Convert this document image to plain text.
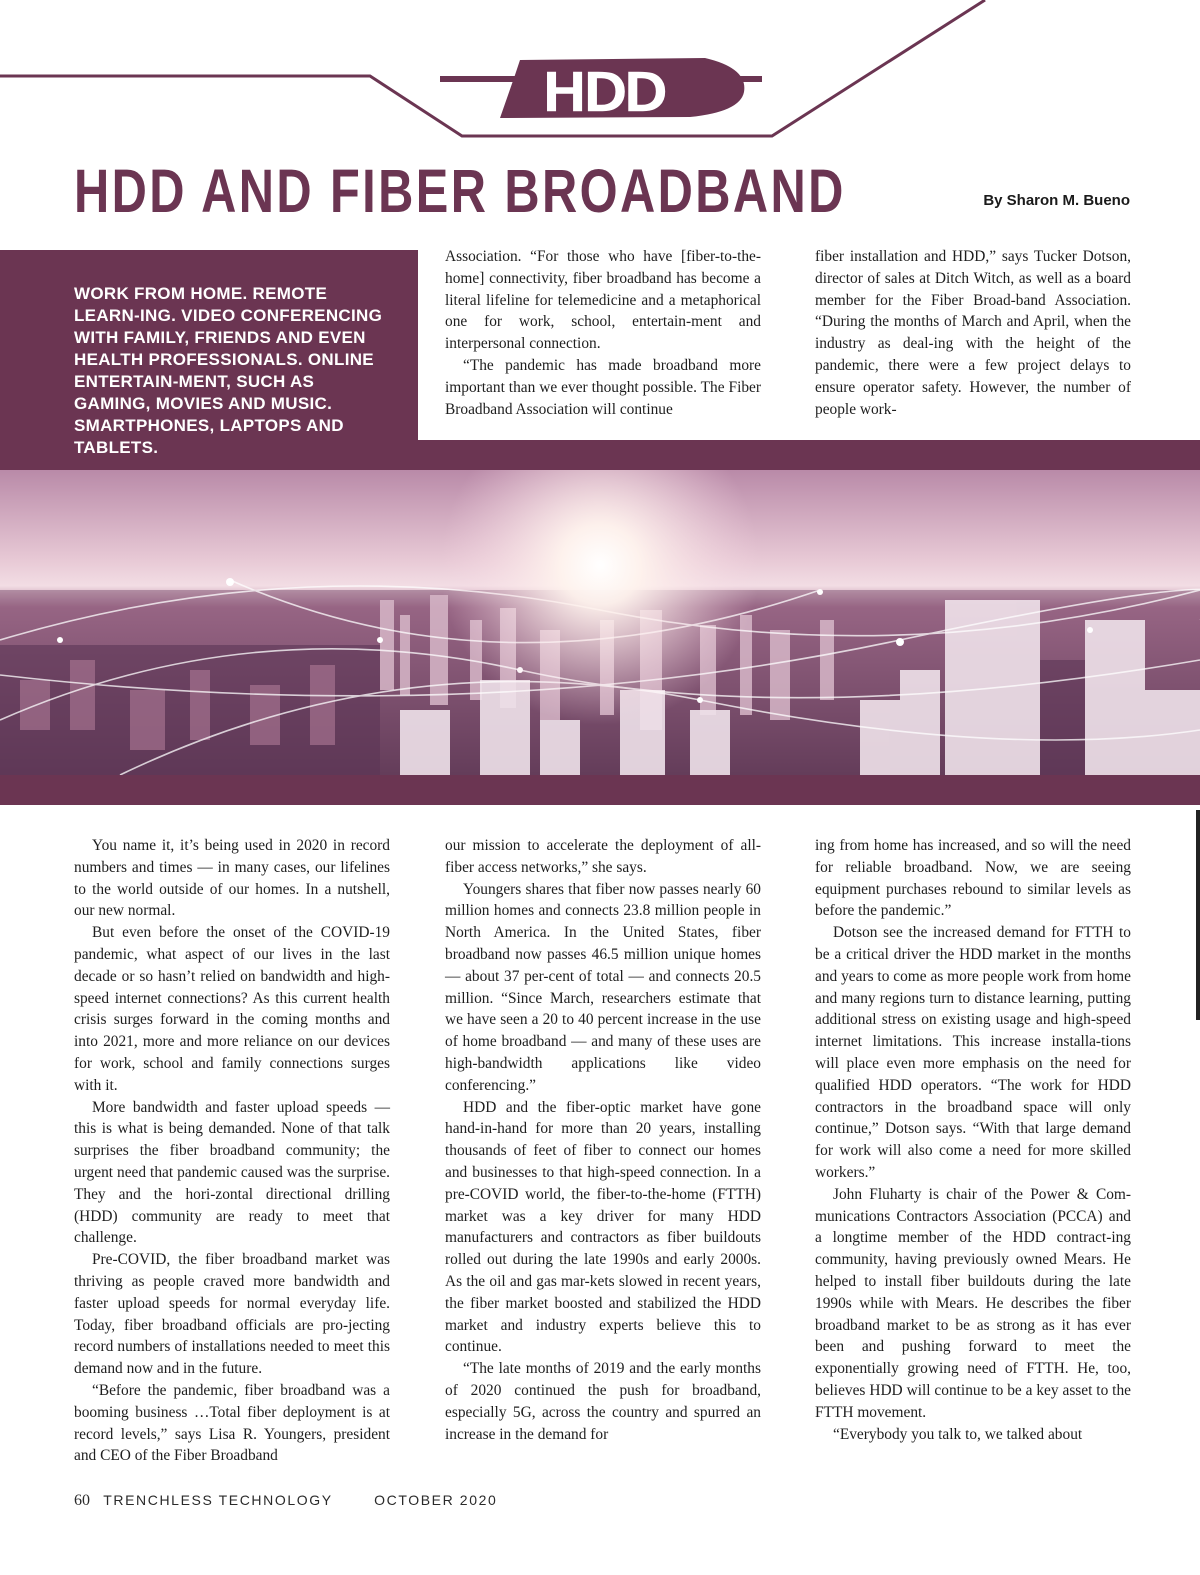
HDD
HDD AND FIBER BROADBAND	By Sharon M. Bueno

WORK FROM HOME. REMOTE LEARN-ING. VIDEO CONFERENCING WITH FAMILY, FRIENDS AND EVEN HEALTH PROFESSIONALS. ONLINE ENTERTAIN-MENT, SUCH AS GAMING, MOVIES AND MUSIC. SMARTPHONES, LAPTOPS AND TABLETS.

Association. “For those who have [fiber-to-the-home] connectivity, fiber broadband has become a literal lifeline for telemedicine and a metaphorical one for work, school, entertain-ment and interpersonal connection.

“The pandemic has made broadband more important than we ever thought possible. The Fiber Broadband Association will continue

fiber installation and HDD,” says Tucker Dotson, director of sales at Ditch Witch, as well as a board member for the Fiber Broad-band Association. “During the months of March and April, when the industry as deal-ing with the height of the pandemic, there were a few project delays to ensure operator safety. However, the number of people work-

You name it, it’s being used in 2020 in record numbers and times — in many cases, our lifelines to the world outside of our homes. In a nutshell, our new normal.

But even before the onset of the COVID-19 pandemic, what aspect of our lives in the last decade or so hasn’t relied on bandwidth and high-speed internet connections? As this current health crisis surges forward in the coming months and into 2021, more and more reliance on our devices for work, school and family connections surges with it.

More bandwidth and faster upload speeds — this is what is being demanded. None of that talk surprises the fiber broadband community; the urgent need that pandemic caused was the surprise. They and the hori-zontal directional drilling (HDD) community are ready to meet that challenge.

Pre-COVID, the fiber broadband market was thriving as people craved more bandwidth and faster upload speeds for normal everyday life. Today, fiber broadband officials are pro-jecting record numbers of installations needed to meet this demand now and in the future.

“Before the pandemic, fiber broadband was a booming business …Total fiber deployment is at record levels,” says Lisa R. Youngers, president and CEO of the Fiber Broadband

our mission to accelerate the deployment of all-fiber access networks,” she says.

Youngers shares that fiber now passes nearly 60 million homes and connects 23.8 million people in North America. In the United States, fiber broadband now passes 46.5 million unique homes — about 37 per-cent of total — and connects 20.5 million. “Since March, researchers estimate that we have seen a 20 to 40 percent increase in the use of home broadband — and many of these uses are high-bandwidth applications like video conferencing.”

HDD and the fiber-optic market have gone hand-in-hand for more than 20 years, installing thousands of feet of fiber to connect our homes and businesses to that high-speed connection. In a pre-COVID world, the fiber-to-the-home (FTTH) market was a key driver for many HDD manufacturers and contractors as fiber buildouts rolled out during the late 1990s and early 2000s. As the oil and gas mar-kets slowed in recent years, the fiber market boosted and stabilized the HDD market and industry experts believe this to continue.

“The late months of 2019 and the early months of 2020 continued the push for broadband, especially 5G, across the country and spurred an increase in the demand for

ing from home has increased, and so will the need for reliable broadband. Now, we are seeing equipment purchases rebound to similar levels as before the pandemic.”

Dotson see the increased demand for FTTH to be a critical driver the HDD market in the months and years to come as more people work from home and many regions turn to distance learning, putting additional stress on existing usage and high-speed internet limitations. This increase installa-tions will place even more emphasis on the need for qualified HDD operators. “The work for HDD contractors in the broadband space will only continue,” Dotson says. “With that large demand for work will also come a need for more skilled workers.”

John Fluharty is chair of the Power & Com-munications Contractors Association (PCCA) and a longtime member of the HDD contract-ing community, having previously owned Mears. He helped to install fiber buildouts during the late 1990s while with Mears. He describes the fiber broadband market to be as strong as it has ever been and pushing forward to meet the exponentially growing need of FTTH. He, too, believes HDD will continue to be a key asset to the FTTH movement.

“Everybody you talk to, we talked about

60 TRENCHLESS TECHNOLOGY	OCTOBER 2020
